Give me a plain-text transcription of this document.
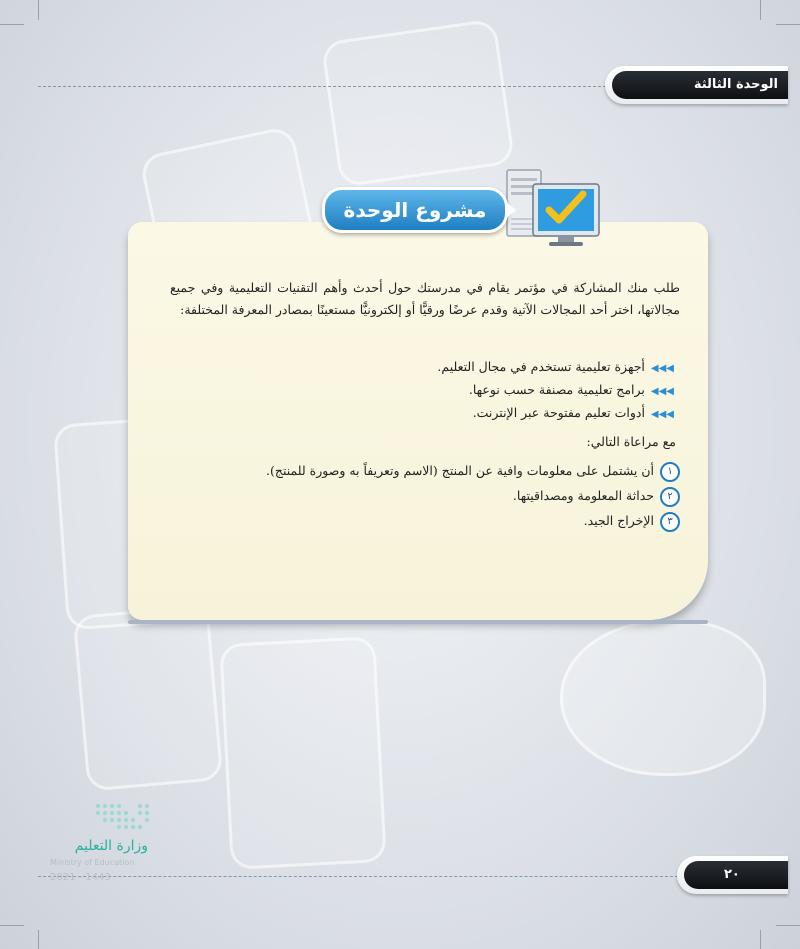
الوحدة الثالثة
مشروع الوحدة
طلب منك المشاركة في مؤتمر يقام في مدرستك حول أحدث وأهم التقنيات التعليمية وفي جميع مجالاتها، اختر أحد المجالات الآتية وقدم عرضًا ورقيًّا أو إلكترونيًّا مستعينًا بمصادر المعرفة المختلفة:
◀◀◀أجهزة تعليمية تستخدم في مجال التعليم.
◀◀◀برامج تعليمية مصنفة حسب نوعها.
◀◀◀أدوات تعليم مفتوحة عبر الإنترنت.
مع مراعاة التالي:
١أن يشتمل على معلومات وافية عن المنتج (الاسم وتعريفاً به وصورة للمنتج).
٢حداثة المعلومة ومصداقيتها.
٣الإخراج الجيد.
وزارة التعليم
Ministry of Education
2021 - 1443	٢٠
